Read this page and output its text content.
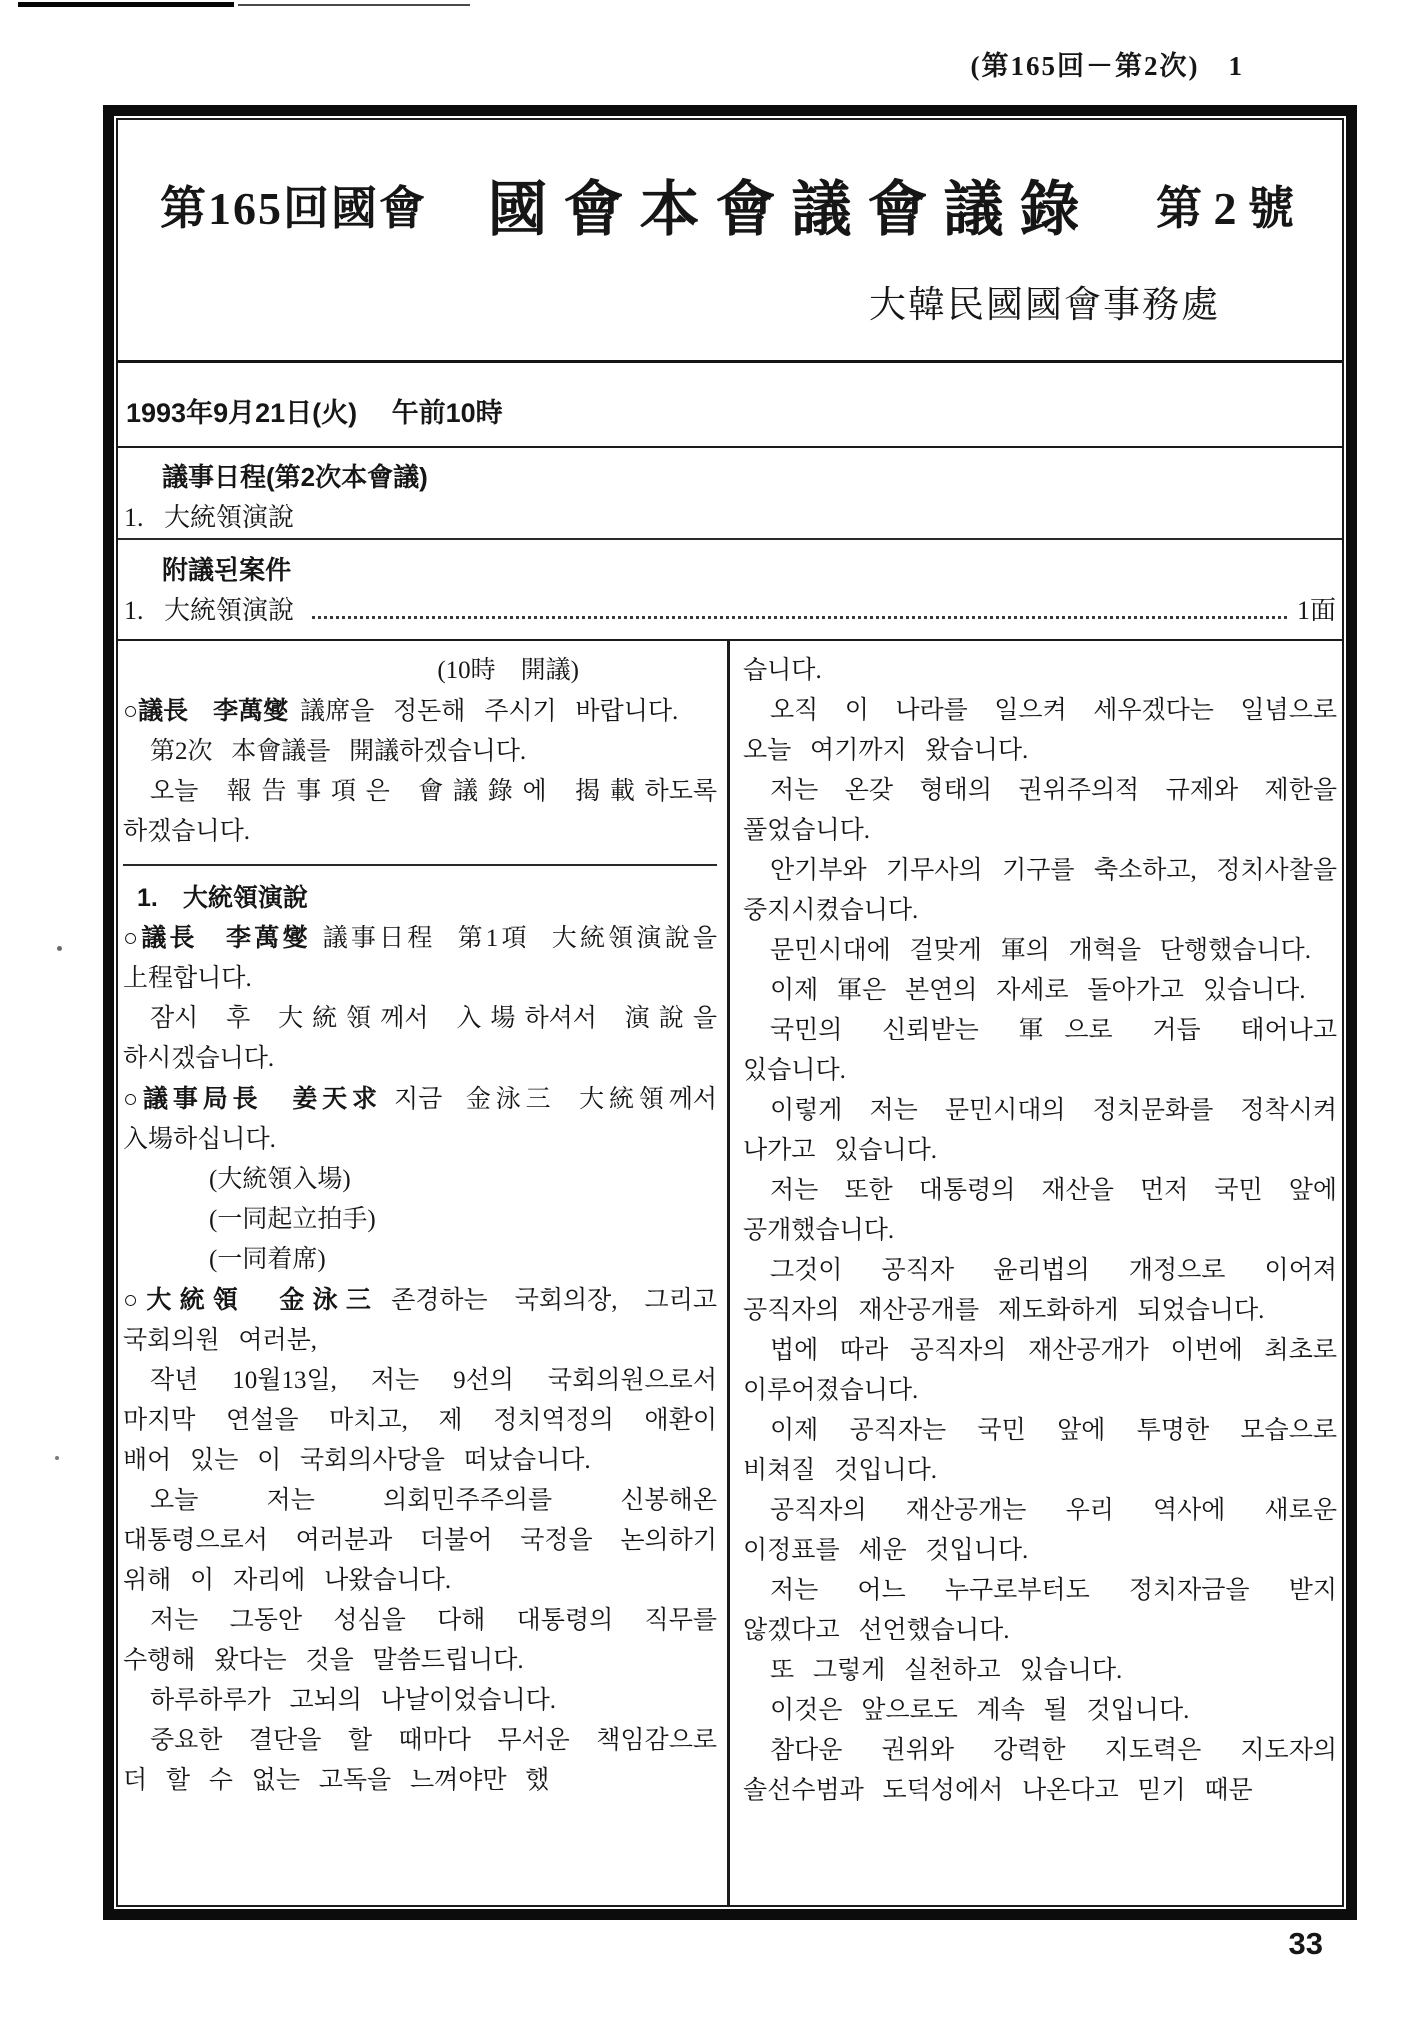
(第165回－第2次)　1
第165回國會 國會本會議會議錄 第 2 號
大韓民國國會事務處
1993年9月21日(火)　 午前10時
議事日程(第2次本會議)
1. 大統領演說
附議된案件
1. 大統領演說	1面
(10時　開議)
○議長　李萬燮 議席을 정돈해 주시기 바랍니다.
第2次 本會議를 開議하겠습니다.
오늘 報告事項은 會議錄에 揭載하도록 하겠습니다.
1.　大統領演說
○議長　李萬燮 議事日程 第1項 大統領演說을 上程합니다.
잠시 후 大統領께서 入場하셔서 演說을 하시겠습니다.
○議事局長　姜天求 지금 金泳三 大統領께서 入場하십니다.
(大統領入場)
(一同起立拍手)
(一同着席)
○大統領　金泳三 존경하는 국회의장, 그리고 국회의원 여러분,
작년 10월13일, 저는 9선의 국회의원으로서 마지막 연설을 마치고, 제 정치역정의 애환이 배어 있는 이 국회의사당을 떠났습니다.
오늘 저는 의회민주주의를 신봉해온 대통령으로서 여러분과 더불어 국정을 논의하기 위해 이 자리에 나왔습니다.
저는 그동안 성심을 다해 대통령의 직무를 수행해 왔다는 것을 말씀드립니다.
하루하루가 고뇌의 나날이었습니다.
중요한 결단을 할 때마다 무서운 책임감으로 더 할 수 없는 고독을 느껴야만 했
습니다.
오직 이 나라를 일으켜 세우겠다는 일념으로 오늘 여기까지 왔습니다.
저는 온갖 형태의 권위주의적 규제와 제한을 풀었습니다.
안기부와 기무사의 기구를 축소하고, 정치사찰을 중지시켰습니다.
문민시대에 걸맞게 軍의 개혁을 단행했습니다.
이제 軍은 본연의 자세로 돌아가고 있습니다.
국민의 신뢰받는 軍으로 거듭 태어나고 있습니다.
이렇게 저는 문민시대의 정치문화를 정착시켜 나가고 있습니다.
저는 또한 대통령의 재산을 먼저 국민 앞에 공개했습니다.
그것이 공직자 윤리법의 개정으로 이어져 공직자의 재산공개를 제도화하게 되었습니다.
법에 따라 공직자의 재산공개가 이번에 최초로 이루어졌습니다.
이제 공직자는 국민 앞에 투명한 모습으로 비쳐질 것입니다.
공직자의 재산공개는 우리 역사에 새로운 이정표를 세운 것입니다.
저는 어느 누구로부터도 정치자금을 받지 않겠다고 선언했습니다.
또 그렇게 실천하고 있습니다.
이것은 앞으로도 계속 될 것입니다.
참다운 권위와 강력한 지도력은 지도자의 솔선수범과 도덕성에서 나온다고 믿기 때문
33
